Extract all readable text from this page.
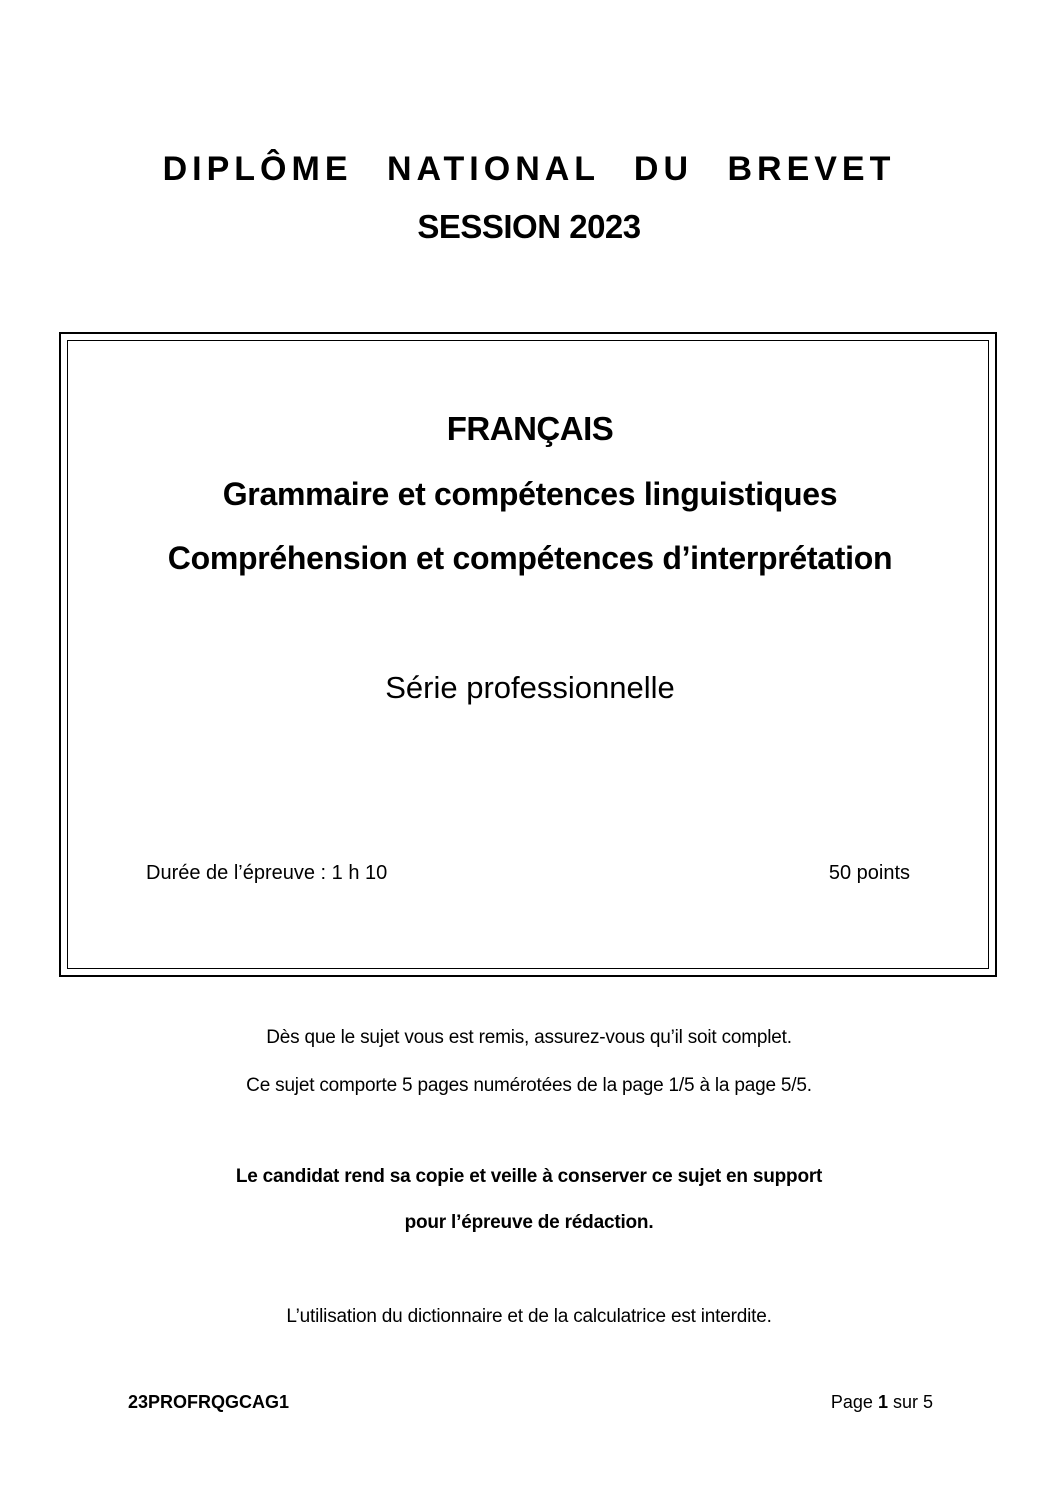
DIPLÔME NATIONAL DU BREVET
SESSION 2023
FRANÇAIS
Grammaire et compétences linguistiques
Compréhension et compétences d’interprétation
Série professionnelle
Durée de l’épreuve : 1 h 10	50 points
Dès que le sujet vous est remis, assurez-vous qu’il soit complet.
Ce sujet comporte 5 pages numérotées de la page 1/5 à la page 5/5.
Le candidat rend sa copie et veille à conserver ce sujet en support
pour l’épreuve de rédaction.
L’utilisation du dictionnaire et de la calculatrice est interdite.
23PROFRQGCAG1	Page 1 sur 5
